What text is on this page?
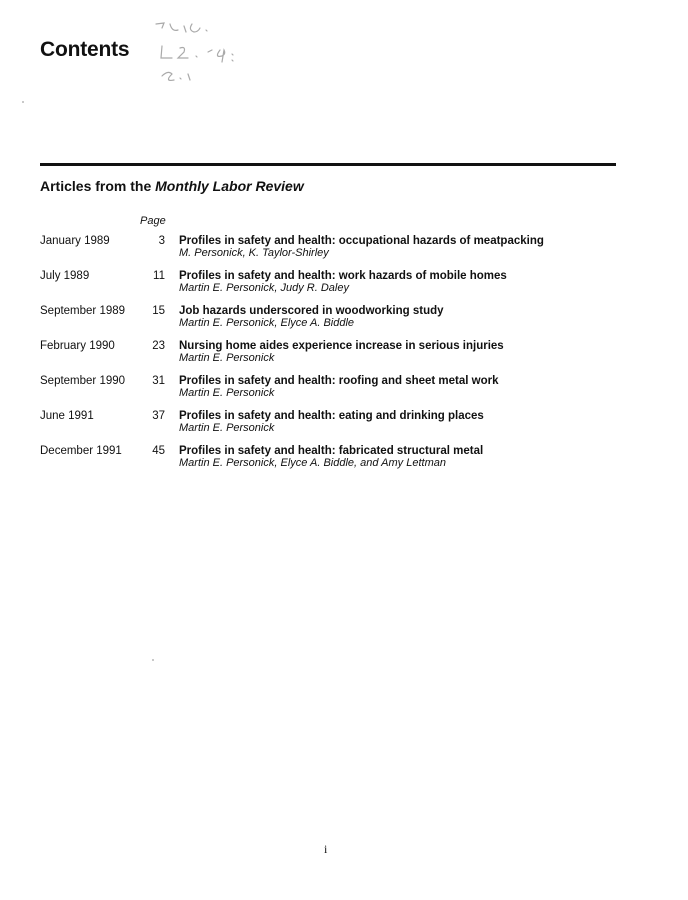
Contents
Articles from the Monthly Labor Review
Page
January 1989	3 Profiles in safety and health: occupational hazards of meatpacking
M. Personick, K. Taylor-Shirley
July 1989	11 Profiles in safety and health: work hazards of mobile homes
Martin E. Personick, Judy R. Daley
September 1989	15 Job hazards underscored in woodworking study
Martin E. Personick, Elyce A. Biddle
February 1990	23 Nursing home aides experience increase in serious injuries
Martin E. Personick
September 1990	31 Profiles in safety and health: roofing and sheet metal work
Martin E. Personick
June 1991	37 Profiles in safety and health: eating and drinking places
Martin E. Personick
December 1991	45 Profiles in safety and health: fabricated structural metal
Martin E. Personick, Elyce A. Biddle, and Amy Lettman
i
